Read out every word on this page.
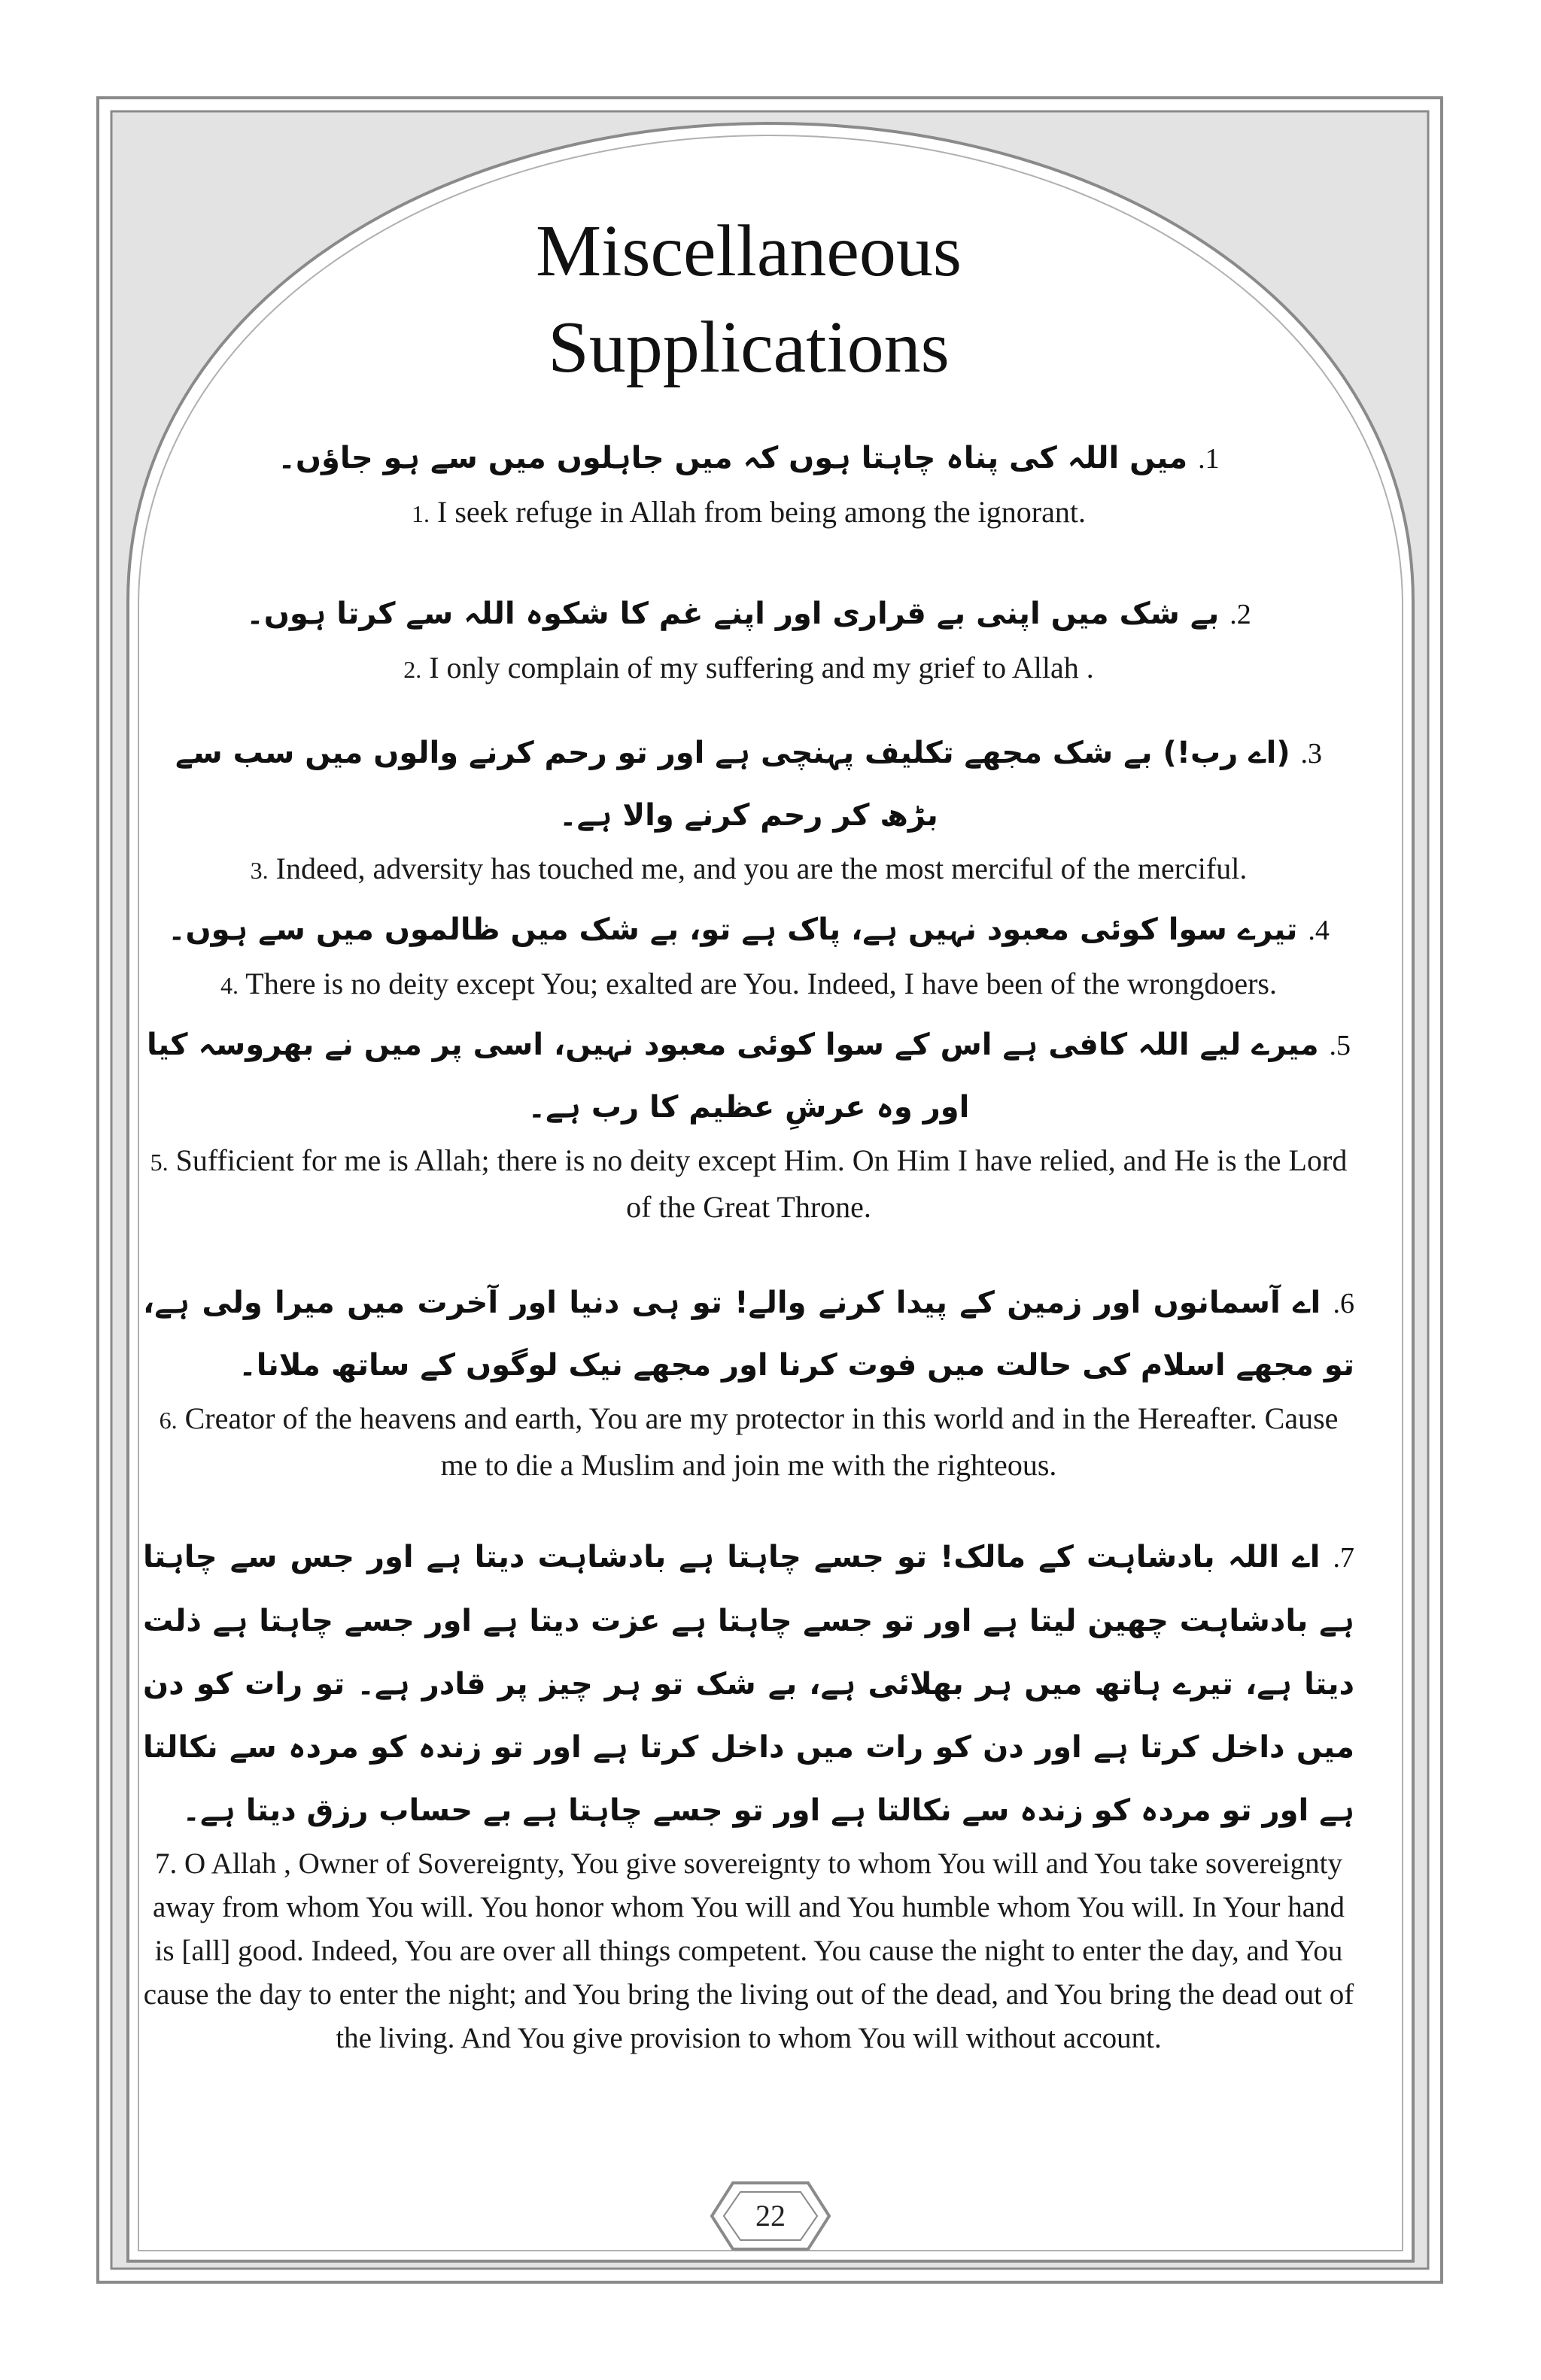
Miscellaneous
Supplications
1. میں اللہ کی پناہ چاہتا ہوں کہ میں جاہلوں میں سے ہو جاؤں۔

1. I seek refuge in Allah from being among the ignorant.

2. بے شک میں اپنی بے قراری اور اپنے غم کا شکوہ اللہ سے کرتا ہوں۔

2. I only complain of my suffering and my grief to Allah .

3. (اے رب!) بے شک مجھے تکلیف پہنچی ہے اور تو رحم کرنے والوں میں سب سے بڑھ کر رحم کرنے والا ہے۔

3. Indeed, adversity has touched me, and you are the most merciful of the merciful.

4. تیرے سوا کوئی معبود نہیں ہے، پاک ہے تو، بے شک میں ظالموں میں سے ہوں۔

4. There is no deity except You; exalted are You. Indeed, I have been of the wrongdoers.

5. میرے لیے اللہ کافی ہے اس کے سوا کوئی معبود نہیں، اسی پر میں نے بھروسہ کیا اور وہ عرشِ عظیم کا رب ہے۔

5. Sufficient for me is Allah; there is no deity except Him. On Him I have relied, and He is the Lord of the Great Throne.

6. اے آسمانوں اور زمین کے پیدا کرنے والے! تو ہی دنیا اور آخرت میں میرا ولی ہے، تو مجھے اسلام کی حالت میں فوت کرنا اور مجھے نیک لوگوں کے ساتھ ملانا۔

6. Creator of the heavens and earth, You are my protector in this world and in the Hereafter. Cause me to die a Muslim and join me with the righteous.

7. اے اللہ بادشاہت کے مالک! تو جسے چاہتا ہے بادشاہت دیتا ہے اور جس سے چاہتا ہے بادشاہت چھین لیتا ہے اور تو جسے چاہتا ہے عزت دیتا ہے اور جسے چاہتا ہے ذلت دیتا ہے، تیرے ہاتھ میں ہر بھلائی ہے، بے شک تو ہر چیز پر قادر ہے۔ تو رات کو دن میں داخل کرتا ہے اور دن کو رات میں داخل کرتا ہے اور تو زندہ کو مردہ سے نکالتا ہے اور تو مردہ کو زندہ سے نکالتا ہے اور تو جسے چاہتا ہے بے حساب رزق دیتا ہے۔

7. O Allah , Owner of Sovereignty, You give sovereignty to whom You will and You take sovereignty away from whom You will. You honor whom You will and You humble whom You will. In Your hand is [all] good. Indeed, You are over all things competent. You cause the night to enter the day, and You cause the day to enter the night; and You bring the living out of the dead, and You bring the dead out of the living. And You give provision to whom You will without account.

22
